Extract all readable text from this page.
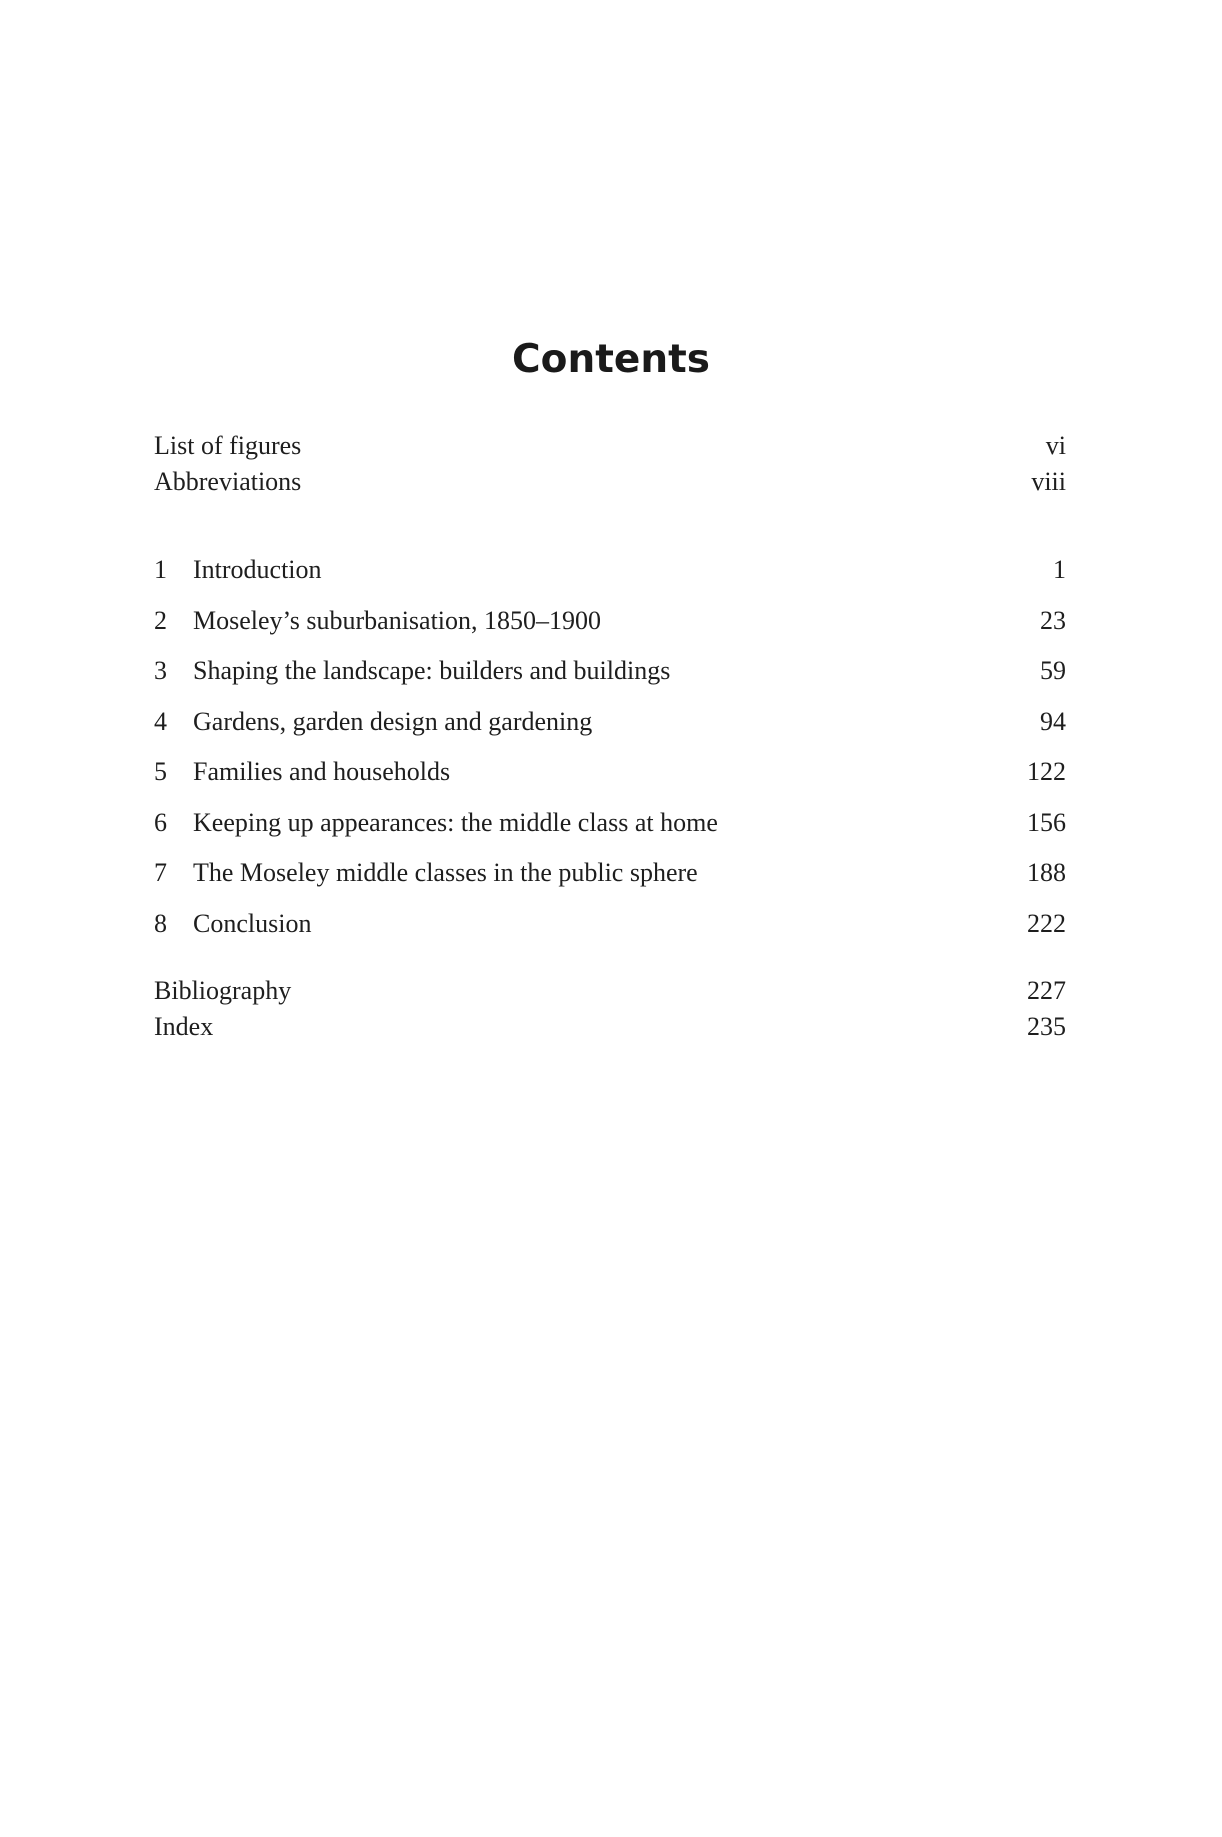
Contents
List of figures	vi
Abbreviations	viii
1	Introduction	1
2	Moseley’s suburbanisation, 1850–1900	23
3	Shaping the landscape: builders and buildings	59
4	Gardens, garden design and gardening	94
5	Families and households	122
6	Keeping up appearances: the middle class at home	156
7	The Moseley middle classes in the public sphere	188
8	Conclusion	222
Bibliography	227
Index	235
